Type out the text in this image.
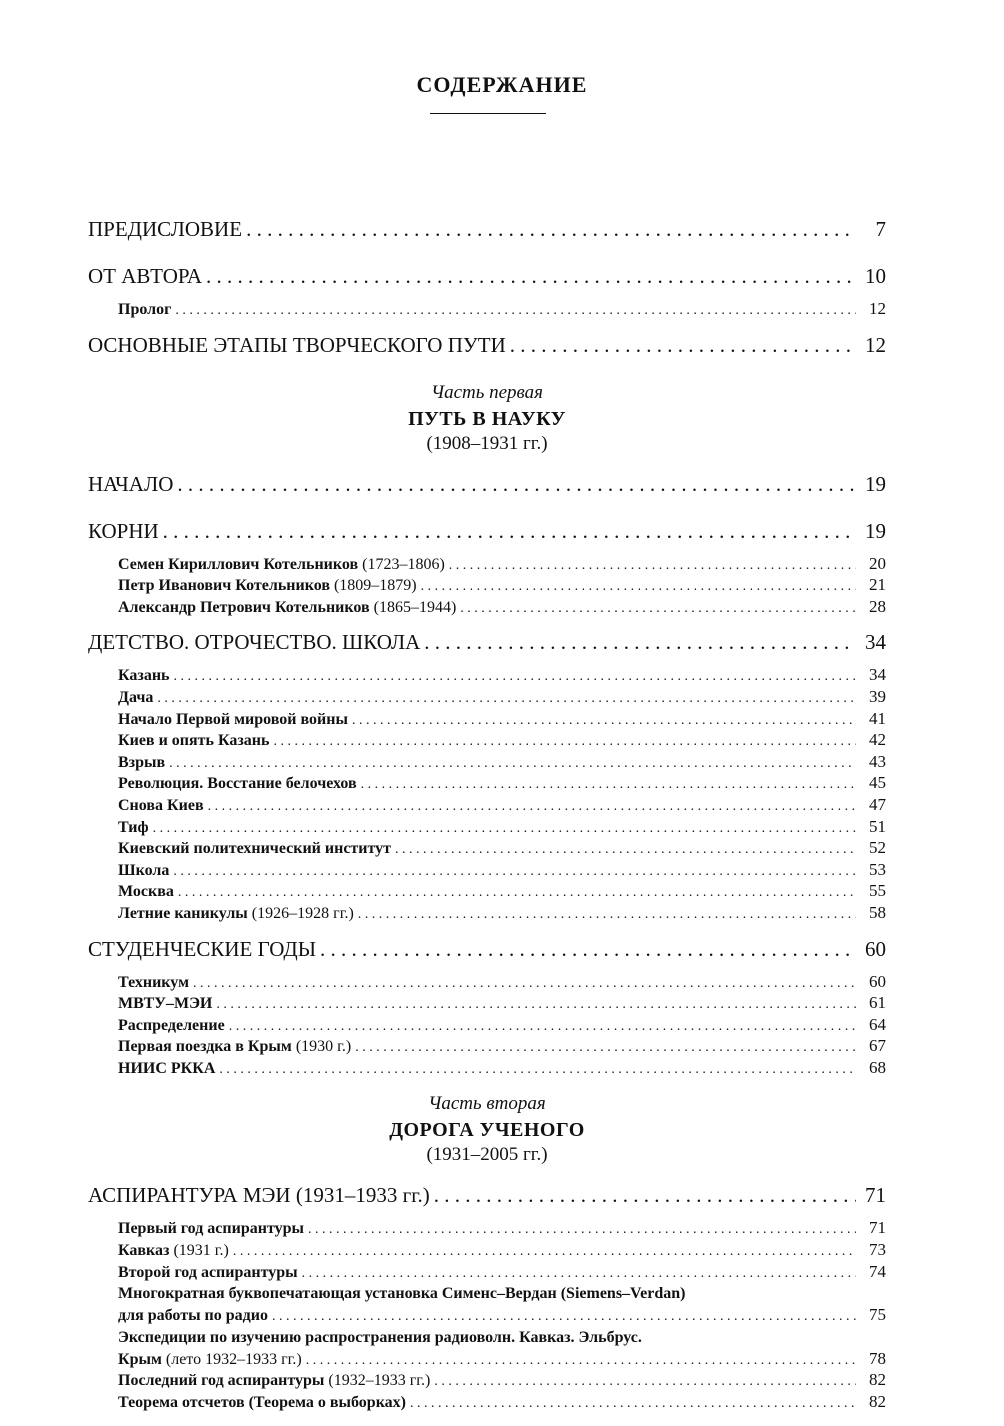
СОДЕРЖАНИЕ
ПРЕДИСЛОВИЕ . . .	7
ОТ АВТОРА . . .	10
Пролог . . .	12
ОСНОВНЫЕ ЭТАПЫ ТВОРЧЕСКОГО ПУТИ . . .	12
Часть первая
ПУТЬ В НАУКУ
(1908–1931 гг.)
НАЧАЛО . . .	19
КОРНИ . . .	19
Семен Кириллович Котельников (1723–1806) . . .	20
Петр Иванович Котельников (1809–1879) . . .	21
Александр Петрович Котельников (1865–1944) . . .	28
ДЕТСТВО. ОТРОЧЕСТВО. ШКОЛА . . .	34
Казань . . .	34
Дача . . .	39
Начало Первой мировой войны . . .	41
Киев и опять Казань . . .	42
Взрыв . . .	43
Революция. Восстание белочехов . . .	45
Снова Киев . . .	47
Тиф . . .	51
Киевский политехнический институт . . .	52
Школа . . .	53
Москва . . .	55
Летние каникулы (1926–1928 гг.) . . .	58
СТУДЕНЧЕСКИЕ ГОДЫ . . .	60
Техникум . . .	60
МВТУ–МЭИ . . .	61
Распределение . . .	64
Первая поездка в Крым (1930 г.) . . .	67
НИИС РККА . . .	68
Часть вторая
ДОРОГА УЧЕНОГО
(1931–2005 гг.)
АСПИРАНТУРА МЭИ (1931–1933 гг.) . . .	71
Первый год аспирантуры . . .	71
Кавказ (1931 г.) . . .	73
Второй год аспирантуры . . .	74
Многократная буквопечатающая установка Сименс–Вердан (Siemens–Verdan)
для работы по радио . . .	75
Экспедиции по изучению распространения радиоволн. Кавказ. Эльбрус.
Крым (лето 1932–1933 гг.) . . .	78
Последний год аспирантуры (1932–1933 гг.) . . .	82
Теорема отсчетов (Теорема о выборках) . . .	82
